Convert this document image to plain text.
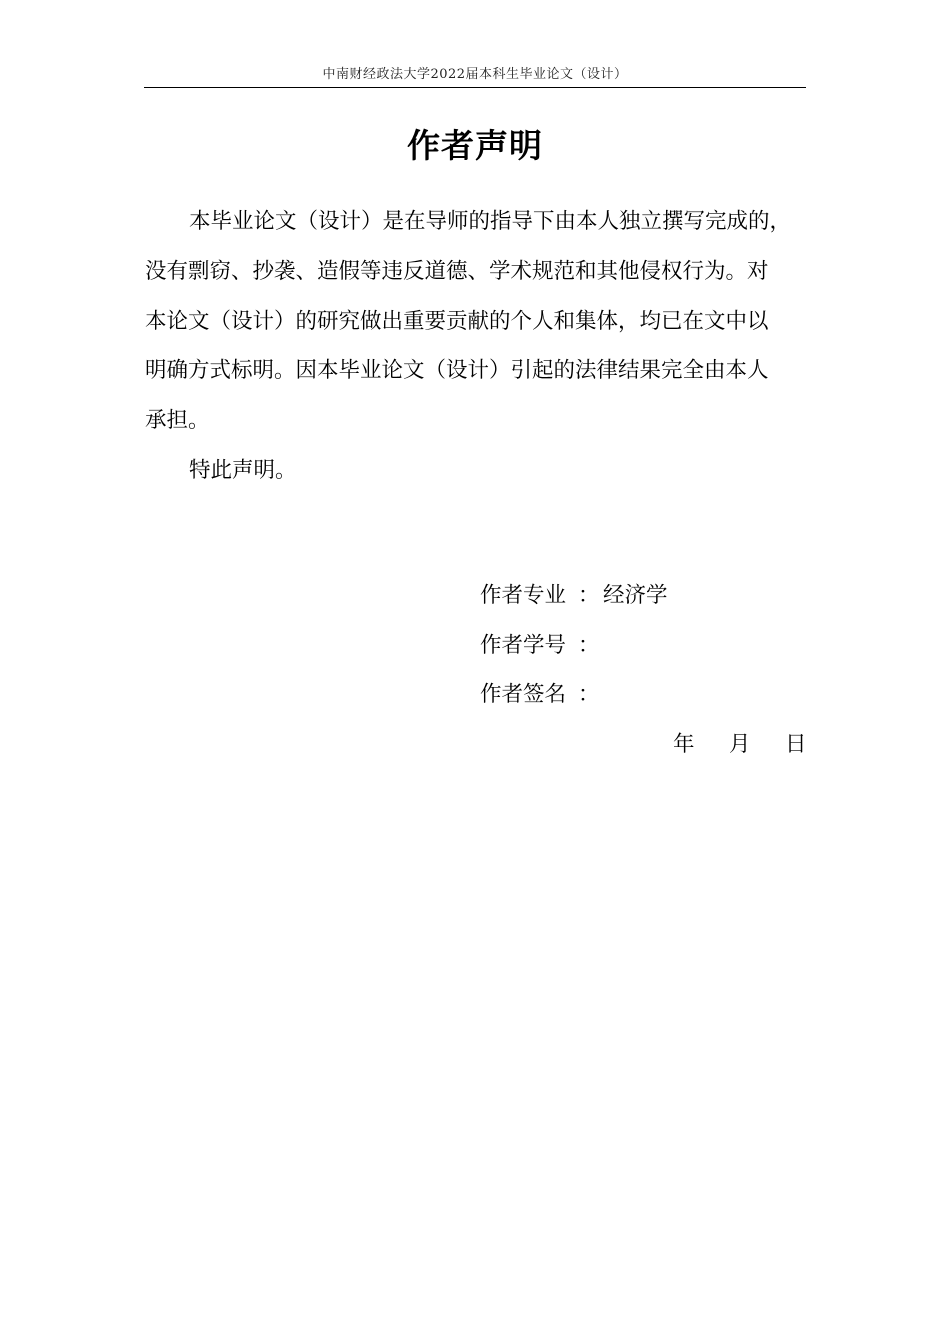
中南财经政法大学2022届本科生毕业论文（设计）
作者声明
本毕业论文（设计）是在导师的指导下由本人独立撰写完成的，
没有剽窃、抄袭、造假等违反道德、学术规范和其他侵权行为。对
本论文（设计）的研究做出重要贡献的个人和集体，均已在文中以
明确方式标明。因本毕业论文（设计）引起的法律结果完全由本人
承担。
特此声明。
作者专业 ： 经济学
作者学号 ：
作者签名 ：
年 月 日
